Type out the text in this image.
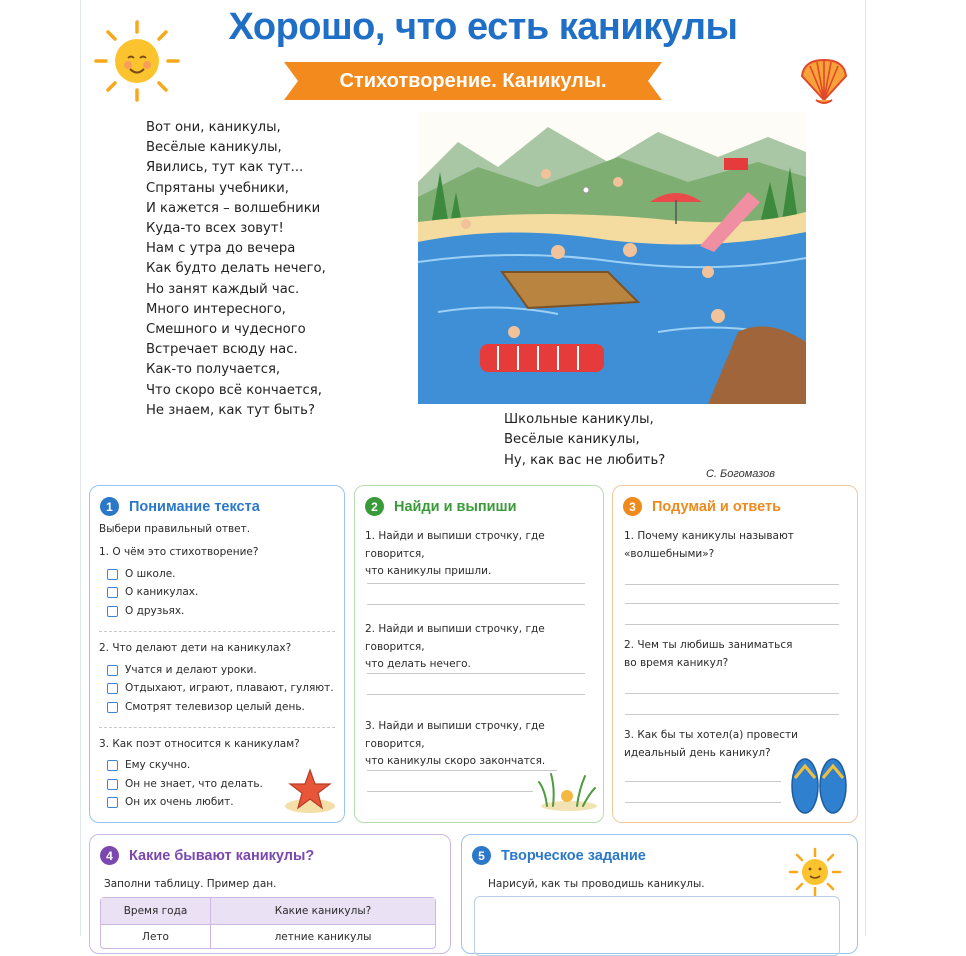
Хорошо, что есть каникулы
Стихотворение. Каникулы.
Вот они, каникулы,
Весёлые каникулы,
Явились, тут как тут...
Спрятаны учебники,
И кажется – волшебники
Куда-то всех зовут!
Нам с утра до вечера
Как будто делать нечего,
Но занят каждый час.
Много интересного,
Смешного и чудесного
Встречает всюду нас.
Как-то получается,
Что скоро всё кончается,
Не знаем, как тут быть?
Школьные каникулы,
Весёлые каникулы,
Ну, как вас не любить?
С. Богомазов
1	Понимание текста
Выбери правильный ответ.
1. О чём это стихотворение?
О школе.
О каникулах.
О друзьях.
2. Что делают дети на каникулах?
Учатся и делают уроки.
Отдыхают, играют, плавают, гуляют.
Смотрят телевизор целый день.
3. Как поэт относится к каникулам?
Ему скучно.
Он не знает, что делать.
Он их очень любит.
2	Найди и выпиши
1. Найди и выпиши строчку, где говорится,
что каникулы пришли.
2. Найди и выпиши строчку, где говорится,
что делать нечего.
3. Найди и выпиши строчку, где говорится,
что каникулы скоро закончатся.
3	Подумай и ответь
1. Почему каникулы называют
«волшебными»?
2. Чем ты любишь заниматься
во время каникул?
3. Как бы ты хотел(а) провести
идеальный день каникул?
4	Какие бывают каникулы?
Заполни таблицу. Пример дан.
Время года	Какие каникулы?
Лето	летние каникулы
5	Творческое задание
Нарисуй, как ты проводишь каникулы.
